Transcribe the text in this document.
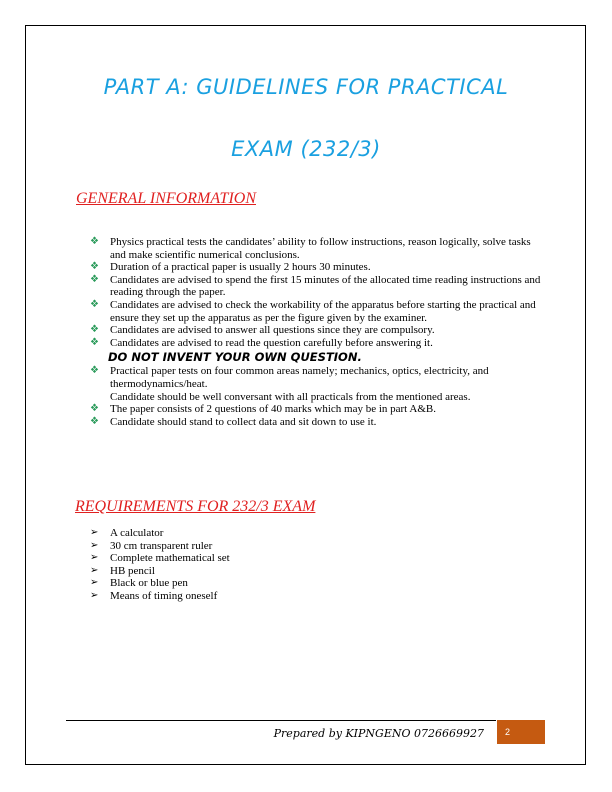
PART A: GUIDELINES FOR PRACTICAL
EXAM (232/3)
GENERAL INFORMATION
❖ Physics practical tests the candidates’ ability to follow instructions, reason logically, solve tasks and make scientific numerical conclusions.
❖ Duration of a practical paper is usually 2 hours 30 minutes.
❖ Candidates are advised to spend the first 15 minutes of the allocated time reading instructions and reading through the paper.
❖ Candidates are advised to check the workability of the apparatus before starting the practical and ensure they set up the apparatus as per the figure given by the examiner.
❖ Candidates are advised to answer all questions since they are compulsory.
❖ Candidates are advised to read the question carefully before answering it.
DO NOT INVENT YOUR OWN QUESTION.
❖ Practical paper tests on four common areas namely; mechanics, optics, electricity, and thermodynamics/heat.
Candidate should be well conversant with all practicals from the mentioned areas.
❖ The paper consists of 2 questions of 40 marks which may be in part A&B.
❖ Candidate should stand to collect data and sit down to use it.
REQUIREMENTS FOR 232/3 EXAM
➢ A calculator
➢ 30 cm transparent ruler
➢ Complete mathematical set
➢ HB pencil
➢ Black or blue pen
➢ Means of timing oneself
Prepared by KIPNGENO 0726669927	2
